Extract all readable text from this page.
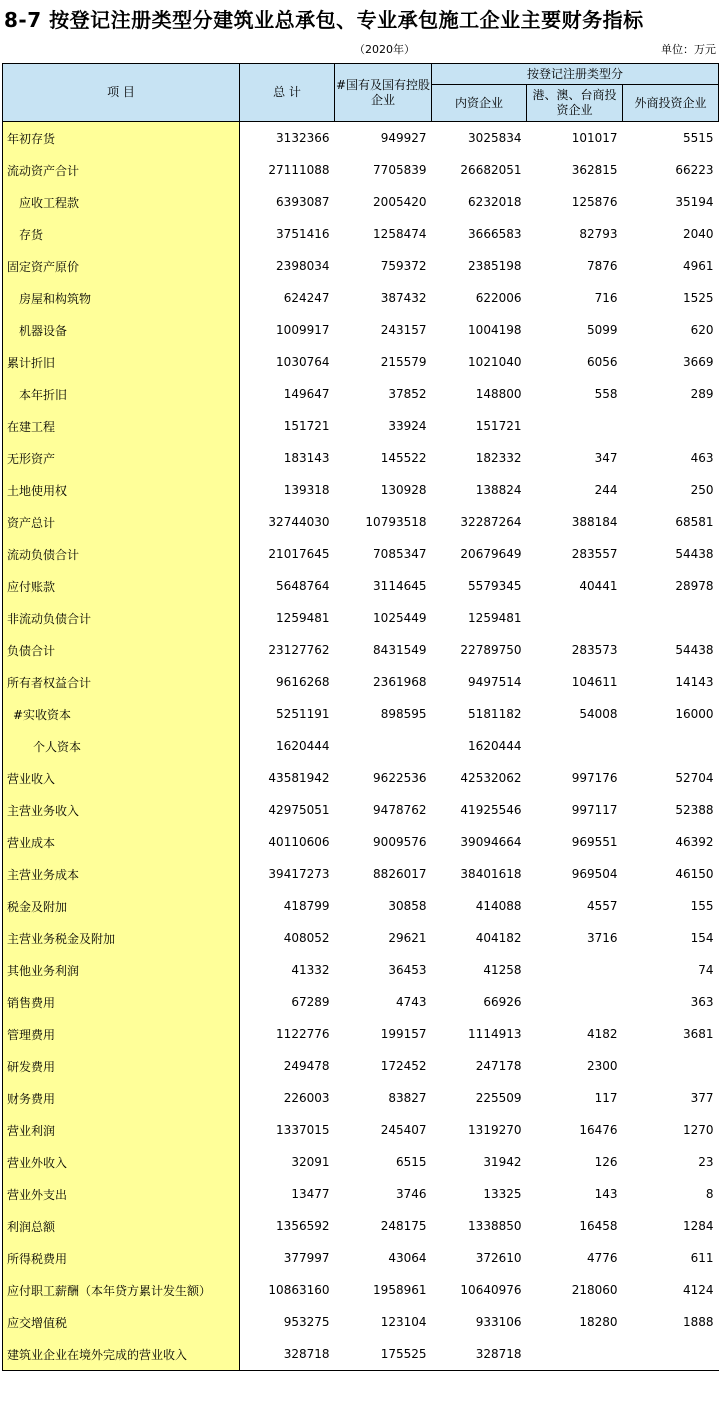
8-7 按登记注册类型分建筑业总承包、专业承包施工企业主要财务指标
（2020年）	单位：万元
项 目	总 计	#国有及国有控股企业	按登记注册类型分		
			内资企业	港、澳、台商投资企业	外商投资企业
年初存货	3132366	949927	3025834	101017	5515
流动资产合计	27111088	7705839	26682051	362815	66223
应收工程款	6393087	2005420	6232018	125876	35194
存货	3751416	1258474	3666583	82793	2040
固定资产原价	2398034	759372	2385198	7876	4961
房屋和构筑物	624247	387432	622006	716	1525
机器设备	1009917	243157	1004198	5099	620
累计折旧	1030764	215579	1021040	6056	3669
本年折旧	149647	37852	148800	558	289
在建工程	151721	33924	151721		
无形资产	183143	145522	182332	347	463
土地使用权	139318	130928	138824	244	250
资产总计	32744030	10793518	32287264	388184	68581
流动负债合计	21017645	7085347	20679649	283557	54438
应付账款	5648764	3114645	5579345	40441	28978
非流动负债合计	1259481	1025449	1259481		
负债合计	23127762	8431549	22789750	283573	54438
所有者权益合计	9616268	2361968	9497514	104611	14143
#实收资本	5251191	898595	5181182	54008	16000
个人资本	1620444		1620444		
营业收入	43581942	9622536	42532062	997176	52704
主营业务收入	42975051	9478762	41925546	997117	52388
营业成本	40110606	9009576	39094664	969551	46392
主营业务成本	39417273	8826017	38401618	969504	46150
税金及附加	418799	30858	414088	4557	155
主营业务税金及附加	408052	29621	404182	3716	154
其他业务利润	41332	36453	41258		74
销售费用	67289	4743	66926		363
管理费用	1122776	199157	1114913	4182	3681
研发费用	249478	172452	247178	2300	
财务费用	226003	83827	225509	117	377
营业利润	1337015	245407	1319270	16476	1270
营业外收入	32091	6515	31942	126	23
营业外支出	13477	3746	13325	143	8
利润总额	1356592	248175	1338850	16458	1284
所得税费用	377997	43064	372610	4776	611
应付职工薪酬（本年贷方累计发生额）	10863160	1958961	10640976	218060	4124
应交增值税	953275	123104	933106	18280	1888
建筑业企业在境外完成的营业收入	328718	175525	328718		
